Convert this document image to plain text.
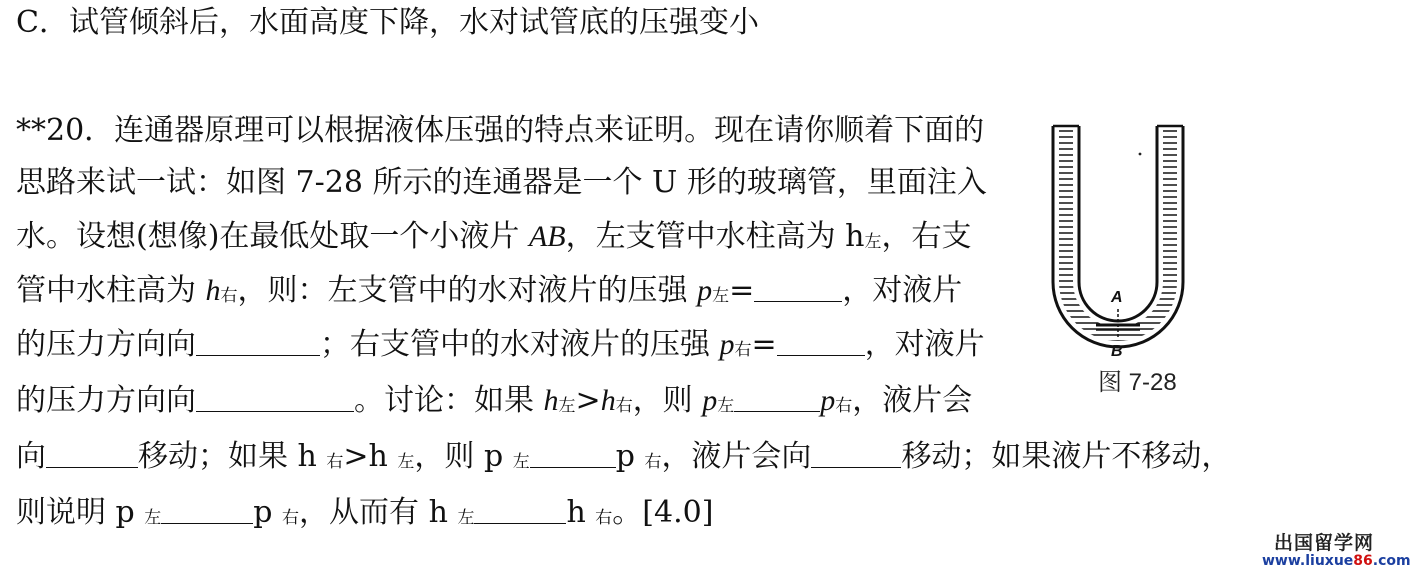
C．试管倾斜后，水面高度下降，水对试管底的压强变小
**20．连通器原理可以根据液体压强的特点来证明。现在请你顺着下面的
思路来试一试：如图 7-28 所示的连通器是一个 U 形的玻璃管，里面注入
水。设想(想像)在最低处取一个小液片 AB，左支管中水柱高为 h左，右支
管中水柱高为 h右，则：左支管中的水对液片的压强 p左=	，对液片
的压力方向向	；右支管中的水对液片的压强 p右=	，对液片
的压力方向向	。讨论：如果 h左>h右，则 p左	p右，液片会
向	移动；如果 h 右>h 左，则 p 左	p 右，液片会向	移动；如果液片不移动，
则说明 p 左	p 右，从而有 h 左	h 右。[4.0]
A
B
图 7-28
出国留学网
www.liuxue86.com
